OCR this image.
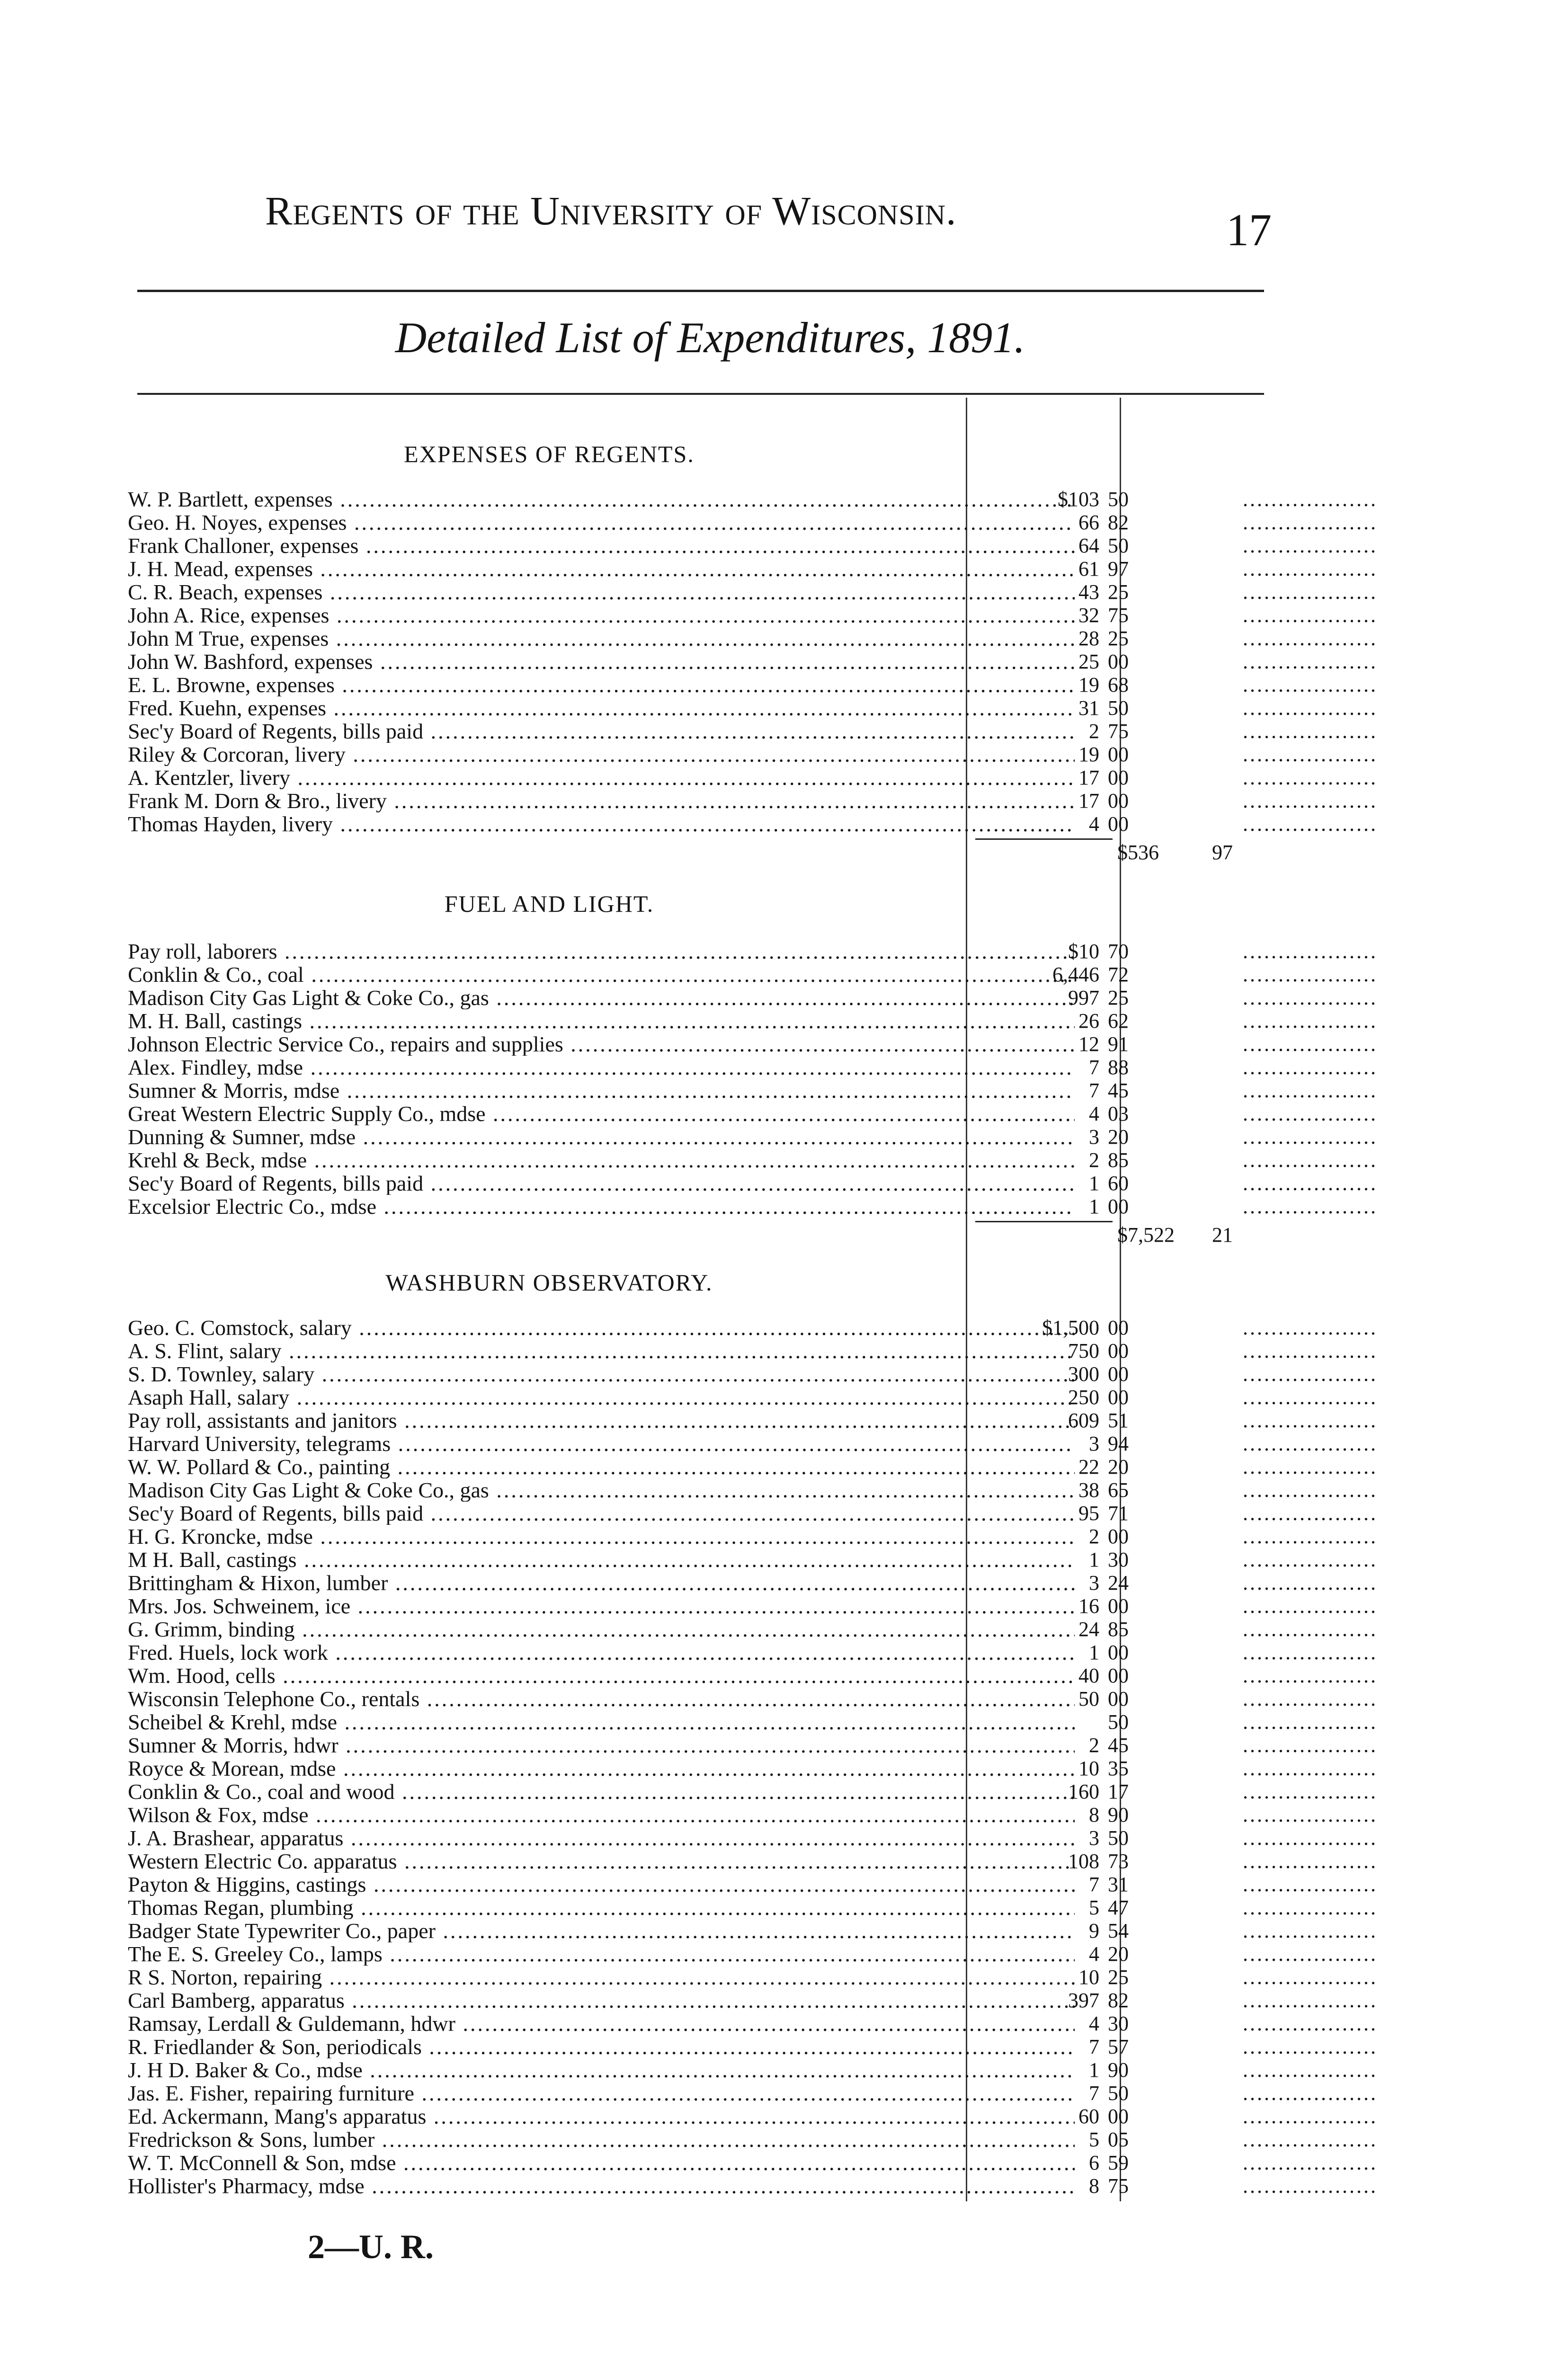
Regents of the University of Wisconsin.	17
Detailed List of Expenditures, 1891.
EXPENSES OF REGENTS.
W. P. Bartlett, expenses .....	$103 50
.....
Geo. H. Noyes, expenses .....	66 82
.....
Frank Challoner, expenses .....	64 50
.....
J. H. Mead, expenses .....	61 97
.....
C. R. Beach, expenses .....	43 25
.....
John A. Rice, expenses .....	32 75
.....
John M True, expenses .....	28 25
.....
John W. Bashford, expenses .....	25 00
.....
E. L. Browne, expenses .....	19 68
.....
Fred. Kuehn, expenses .....	31 50
.....
Sec'y Board of Regents, bills paid .....	2 75
.....
Riley & Corcoran, livery .....	19 00
.....
A. Kentzler, livery .....	17 00
.....
Frank M. Dorn & Bro., livery .....	17 00
.....
Thomas Hayden, livery .....	4 00
.....
$536	97
FUEL AND LIGHT.
Pay roll, laborers .....	$10 70
.....
Conklin & Co., coal .....	6,446 72
.....
Madison City Gas Light & Coke Co., gas .....	997 25
.....
M. H. Ball, castings .....	26 62
.....
Johnson Electric Service Co., repairs and supplies .....	12 91
.....
Alex. Findley, mdse .....	7 88
.....
Sumner & Morris, mdse .....	7 45
.....
Great Western Electric Supply Co., mdse .....	4 03
.....
Dunning & Sumner, mdse .....	3 20
.....
Krehl & Beck, mdse .....	2 85
.....
Sec'y Board of Regents, bills paid .....	1 60
.....
Excelsior Electric Co., mdse .....	1 00
.....
$7,522 21
WASHBURN OBSERVATORY.
Geo. C. Comstock, salary .....	$1,500 00
.....
A. S. Flint, salary .....	750 00
.....
S. D. Townley, salary .....	300 00
.....
Asaph Hall, salary .....	250 00
.....
Pay roll, assistants and janitors .....	609 51
.....
Harvard University, telegrams .....	3 94
.....
W. W. Pollard & Co., painting .....	22 20
.....
Madison City Gas Light & Coke Co., gas .....	38 65
.....
Sec'y Board of Regents, bills paid .....	95 71
.....
H. G. Kroncke, mdse .....	2 00
.....
M H. Ball, castings .....	1 30
.....
Brittingham & Hixon, lumber .....	3 24
.....
Mrs. Jos. Schweinem, ice .....	16 00
.....
G. Grimm, binding .....	24 85
.....
Fred. Huels, lock work .....	1 00
.....
Wm. Hood, cells .....	40 00
.....
Wisconsin Telephone Co., rentals .....	50 00
.....
Scheibel & Krehl, mdse .....	50
.....
Sumner & Morris, hdwr .....	2 45
.....
Royce & Morean, mdse .....	10 35
.....
Conklin & Co., coal and wood .....	160 17
.....
Wilson & Fox, mdse .....	8 90
.....
J. A. Brashear, apparatus .....	3 50
.....
Western Electric Co. apparatus .....	108 73
.....
Payton & Higgins, castings .....	7 31
.....
Thomas Regan, plumbing .....	5 47
.....
Badger State Typewriter Co., paper .....	9 54
.....
The E. S. Greeley Co., lamps .....	4 20
.....
R S. Norton, repairing .....	10 25
.....
Carl Bamberg, apparatus .....	397 82
.....
Ramsay, Lerdall & Guldemann, hdwr .....	4 30
.....
R. Friedlander & Son, periodicals .....	7 57
.....
J. H D. Baker & Co., mdse .....	1 90
.....
Jas. E. Fisher, repairing furniture .....	7 50
.....
Ed. Ackermann, Mang's apparatus .....	60 00
.....
Fredrickson & Sons, lumber .....	5 05
.....
W. T. McConnell & Son, mdse .....	6 59
.....
Hollister's Pharmacy, mdse .....	8 75
.....
2—U. R.
